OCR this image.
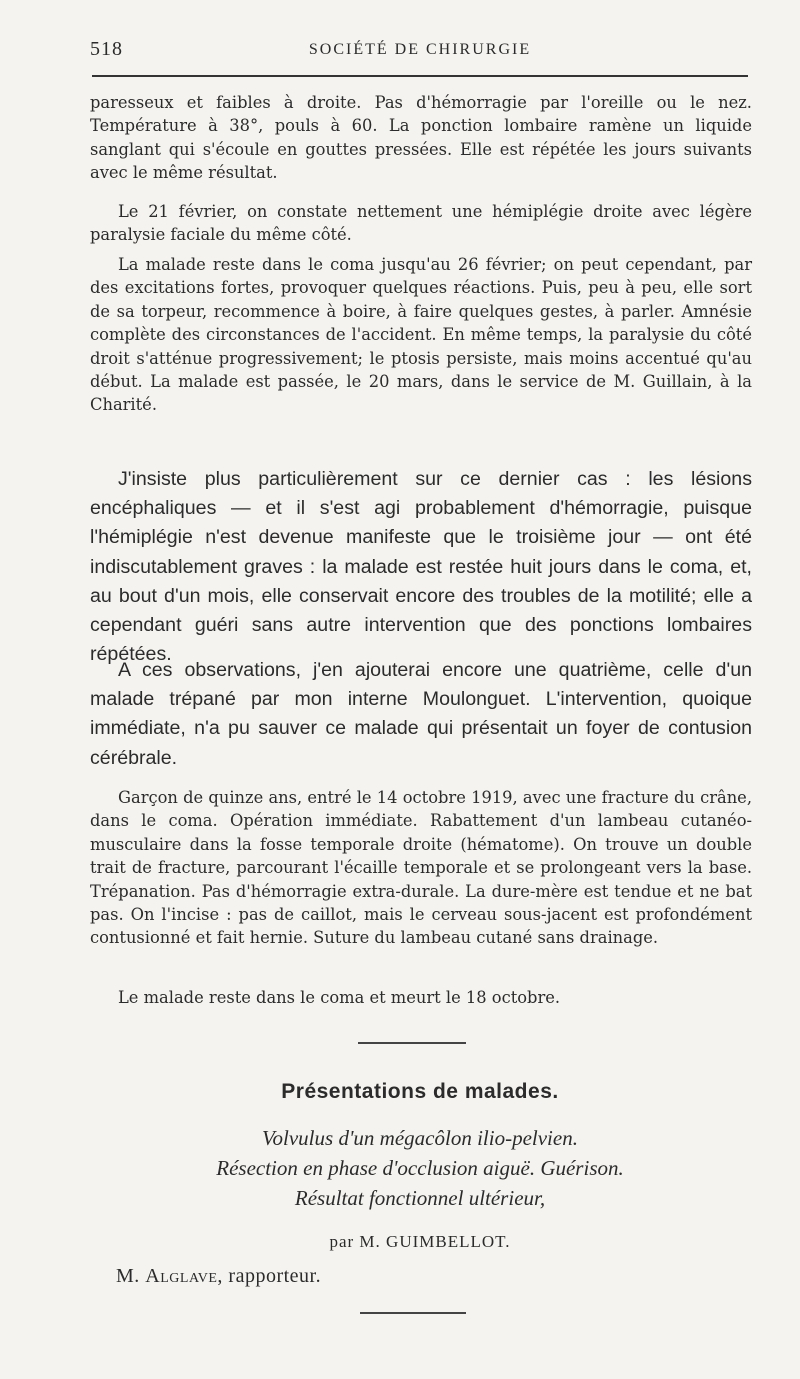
518	SOCIÉTÉ DE CHIRURGIE

paresseux et faibles à droite. Pas d'hémorragie par l'oreille ou le nez. Température à 38°, pouls à 60. La ponction lombaire ramène un liquide sanglant qui s'écoule en gouttes pressées. Elle est répétée les jours suivants avec le même résultat.

Le 21 février, on constate nettement une hémiplégie droite avec légère paralysie faciale du même côté.

La malade reste dans le coma jusqu'au 26 février; on peut cependant, par des excitations fortes, provoquer quelques réactions. Puis, peu à peu, elle sort de sa torpeur, recommence à boire, à faire quelques gestes, à parler. Amnésie complète des circonstances de l'accident. En même temps, la paralysie du côté droit s'atténue progressivement; le ptosis persiste, mais moins accentué qu'au début. La malade est passée, le 20 mars, dans le service de M. Guillain, à la Charité.

J'insiste plus particulièrement sur ce dernier cas : les lésions encéphaliques — et il s'est agi probablement d'hémorragie, puisque l'hémiplégie n'est devenue manifeste que le troisième jour — ont été indiscutablement graves : la malade est restée huit jours dans le coma, et, au bout d'un mois, elle conservait encore des troubles de la motilité; elle a cependant guéri sans autre intervention que des ponctions lombaires répétées.

A ces observations, j'en ajouterai encore une quatrième, celle d'un malade trépané par mon interne Moulonguet. L'intervention, quoique immédiate, n'a pu sauver ce malade qui présentait un foyer de contusion cérébrale.

Garçon de quinze ans, entré le 14 octobre 1919, avec une fracture du crâne, dans le coma. Opération immédiate. Rabattement d'un lambeau cutanéo-musculaire dans la fosse temporale droite (hématome). On trouve un double trait de fracture, parcourant l'écaille temporale et se prolongeant vers la base. Trépanation. Pas d'hémorragie extra-durale. La dure-mère est tendue et ne bat pas. On l'incise : pas de caillot, mais le cerveau sous-jacent est profondément contusionné et fait hernie. Suture du lambeau cutané sans drainage.

Le malade reste dans le coma et meurt le 18 octobre.

Présentations de malades.
Volvulus d'un mégacôlon ilio-pelvien.
Résection en phase d'occlusion aiguë. Guérison.
Résultat fonctionnel ultérieur,
par M. GUIMBELLOT.
M. Alglave, rapporteur.
